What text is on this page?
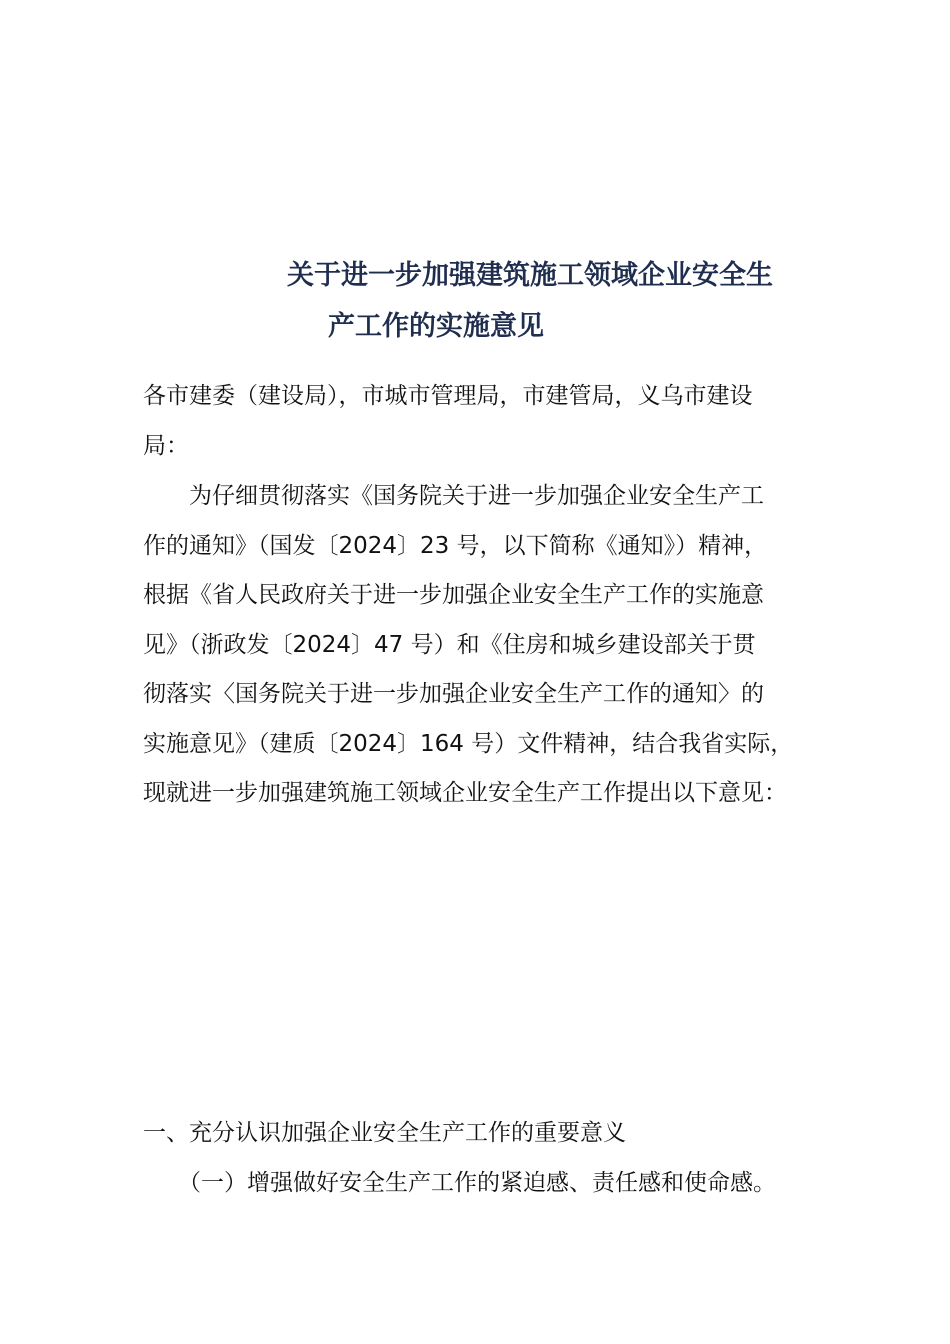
关于进一步加强建筑施工领域企业安全生
产工作的实施意见
各市建委（建设局），市城市管理局，市建管局，义乌市建设
局：
　　为仔细贯彻落实《国务院关于进一步加强企业安全生产工
作的通知》（国发〔2024〕23 号，以下简称《通知》）精神，
根据《省人民政府关于进一步加强企业安全生产工作的实施意
见》（浙政发〔2024〕47 号）和《住房和城乡建设部关于贯
彻落实〈国务院关于进一步加强企业安全生产工作的通知〉的
实施意见》（建质〔2024〕164 号）文件精神，结合我省实际，
现就进一步加强建筑施工领域企业安全生产工作提出以下意见：
一、充分认识加强企业安全生产工作的重要意义
（一）增强做好安全生产工作的紧迫感、责任感和使命感。
